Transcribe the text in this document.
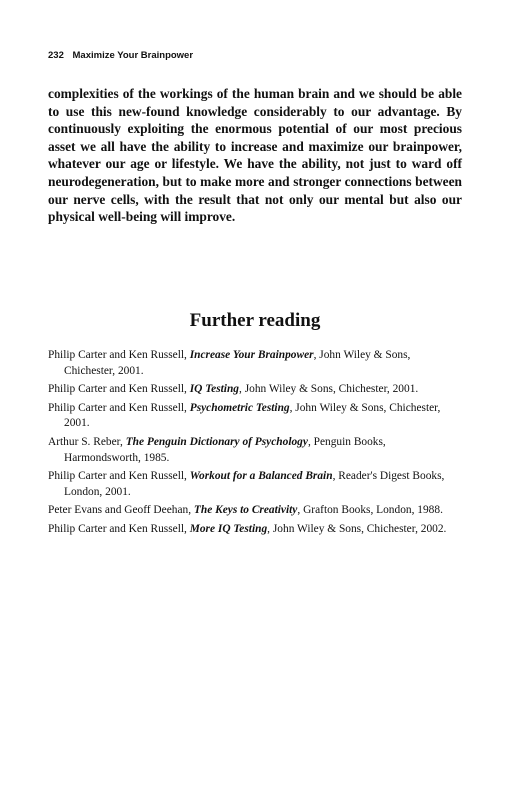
232 Maximize Your Brainpower

complexities of the workings of the human brain and we should be able to use this new-found knowledge considerably to our advantage. By continuously exploiting the enormous potential of our most precious asset we all have the ability to increase and maximize our brainpower, whatever our age or lifestyle. We have the ability, not just to ward off neurodegeneration, but to make more and stronger connections between our nerve cells, with the result that not only our mental but also our physical well-being will improve.

Further reading
Philip Carter and Ken Russell, Increase Your Brainpower, John Wiley & Sons, Chichester, 2001.
Philip Carter and Ken Russell, IQ Testing, John Wiley & Sons, Chichester, 2001.
Philip Carter and Ken Russell, Psychometric Testing, John Wiley & Sons, Chichester, 2001.
Arthur S. Reber, The Penguin Dictionary of Psychology, Penguin Books, Harmondsworth, 1985.
Philip Carter and Ken Russell, Workout for a Balanced Brain, Reader's Digest Books, London, 2001.
Peter Evans and Geoff Deehan, The Keys to Creativity, Grafton Books, London, 1988.
Philip Carter and Ken Russell, More IQ Testing, John Wiley & Sons, Chichester, 2002.
